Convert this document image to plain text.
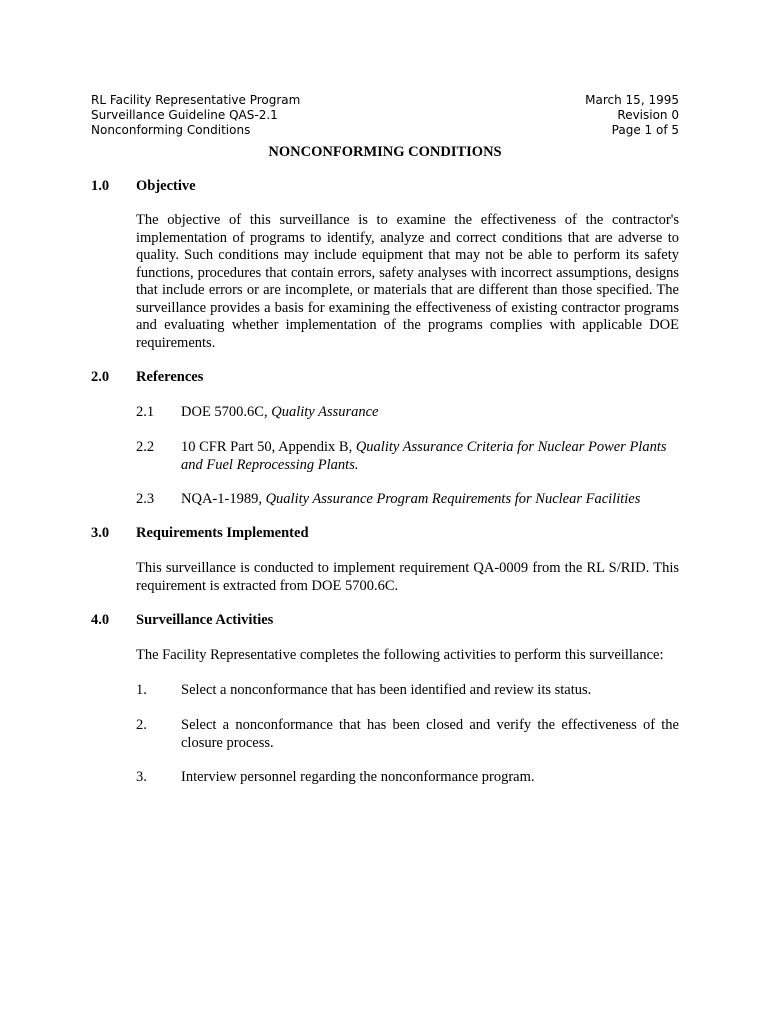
RL Facility Representative Program
Surveillance Guideline QAS-2.1
Nonconforming Conditions
March 15, 1995
Revision 0
Page 1 of 5
NONCONFORMING CONDITIONS
1.0 Objective
The objective of this surveillance is to examine the effectiveness of the contractor's implementation of programs to identify, analyze and correct conditions that are adverse to quality. Such conditions may include equipment that may not be able to perform its safety functions, procedures that contain errors, safety analyses with incorrect assumptions, designs that include errors or are incomplete, or materials that are different than those specified. The surveillance provides a basis for examining the effectiveness of existing contractor programs and evaluating whether implementation of the programs complies with applicable DOE requirements.
2.0 References
2.1 DOE 5700.6C, Quality Assurance
2.2 10 CFR Part 50, Appendix B, Quality Assurance Criteria for Nuclear Power Plants and Fuel Reprocessing Plants.
2.3 NQA-1-1989, Quality Assurance Program Requirements for Nuclear Facilities
3.0 Requirements Implemented
This surveillance is conducted to implement requirement QA-0009 from the RL S/RID. This requirement is extracted from DOE 5700.6C.
4.0 Surveillance Activities
The Facility Representative completes the following activities to perform this surveillance:
1. Select a nonconformance that has been identified and review its status.
2. Select a nonconformance that has been closed and verify the effectiveness of the closure process.
3. Interview personnel regarding the nonconformance program.
